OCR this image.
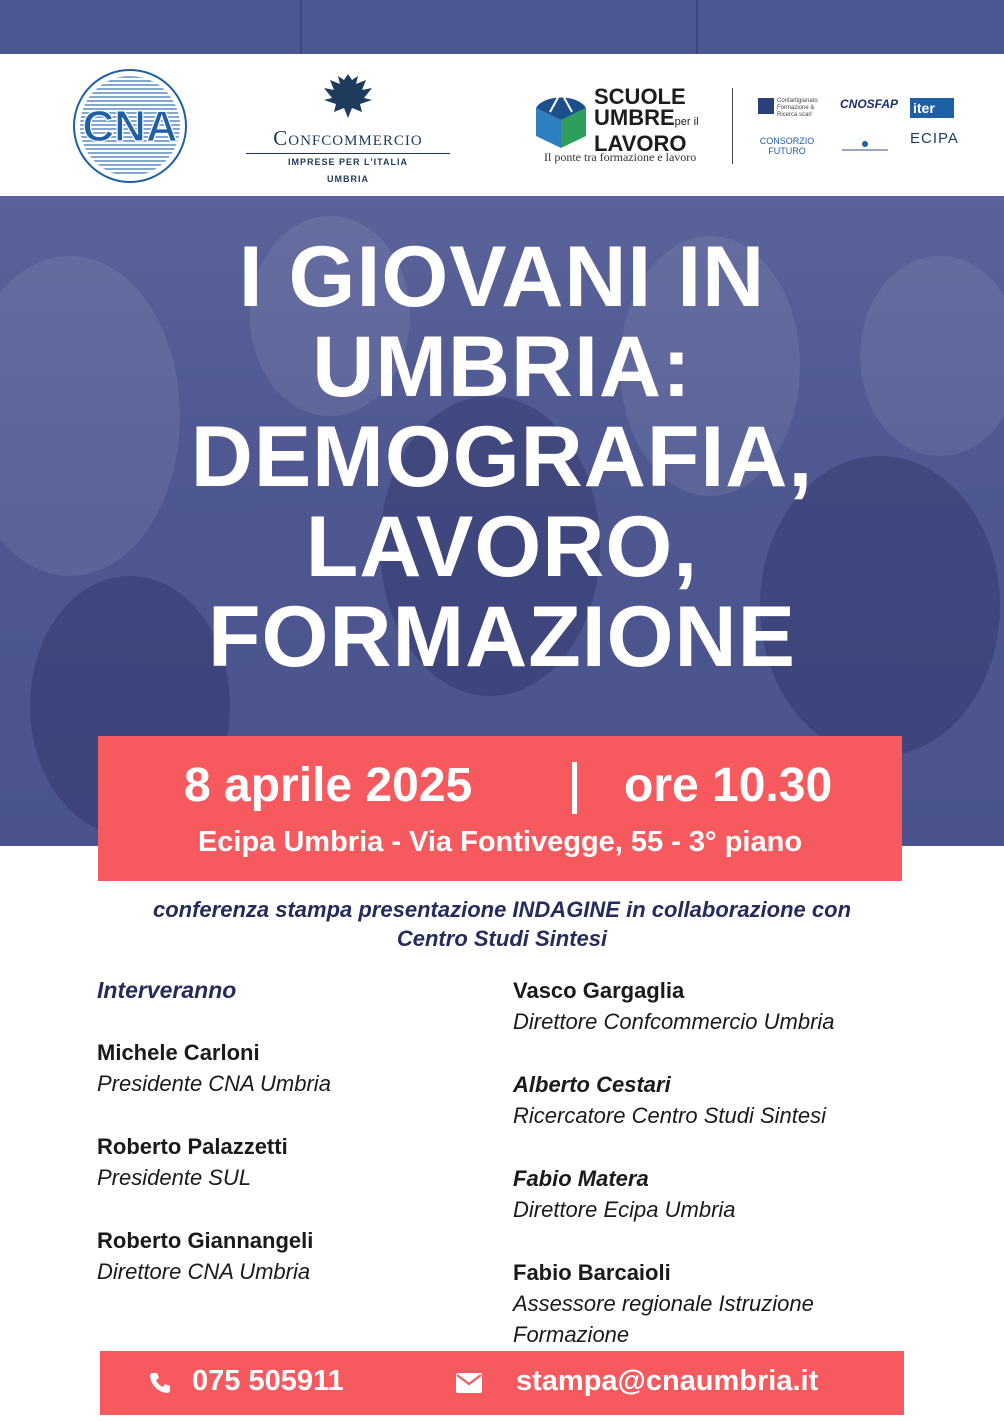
CNA	Confcommercio
IMPRESE PER L'ITALIA
UMBRIA
SCUOLE
UMBREper il
LAVORO
Il ponte tra formazione e lavoro
Confartigianato Formazione & Ricerca scarl
CNOSFAP iter
CONSORZIO FUTURO
ECIPA
I GIOVANI IN
UMBRIA:
DEMOGRAFIA,
LAVORO,
FORMAZIONE
8 aprile 2025	ore 10.30
Ecipa Umbria - Via Fontivegge, 55 - 3° piano
conferenza stampa presentazione INDAGINE in collaborazione con
Centro Studi Sintesi
Interveranno
Michele Carloni
Presidente CNA Umbria
Roberto Palazzetti
Presidente SUL
Roberto Giannangeli
Direttore CNA Umbria
Vasco Gargaglia
Direttore Confcommercio Umbria
Alberto Cestari
Ricercatore Centro Studi Sintesi
Fabio Matera
Direttore Ecipa Umbria
Fabio Barcaioli
Assessore regionale Istruzione Formazione
075 505911	stampa@cnaumbria.it
